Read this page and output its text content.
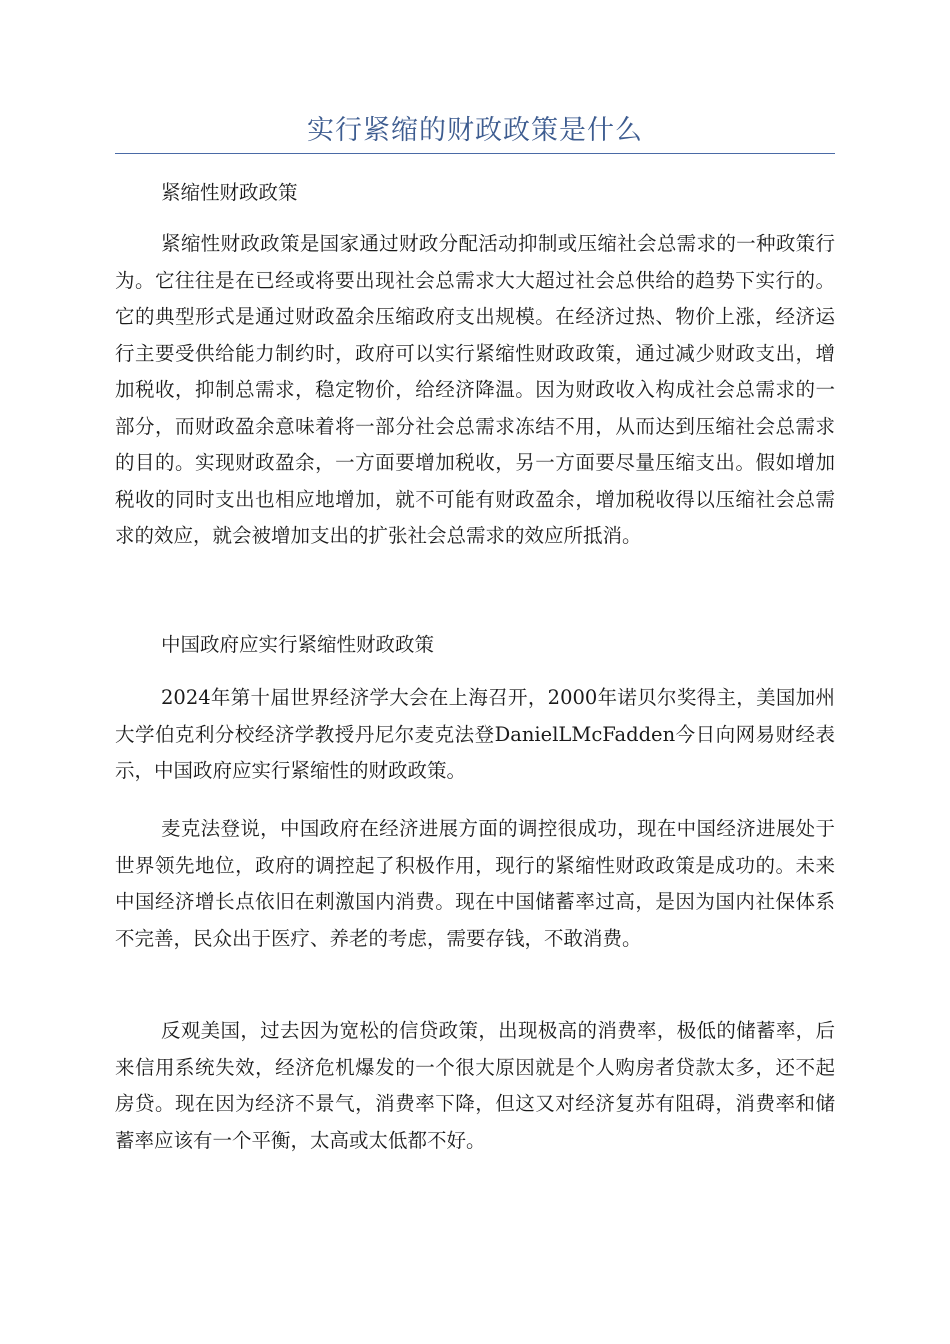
实行紧缩的财政政策是什么
紧缩性财政政策

紧缩性财政政策是国家通过财政分配活动抑制或压缩社会总需求的一种政策行为。它往往是在已经或将要出现社会总需求大大超过社会总供给的趋势下实行的。它的典型形式是通过财政盈余压缩政府支出规模。在经济过热、物价上涨，经济运行主要受供给能力制约时，政府可以实行紧缩性财政政策，通过减少财政支出，增加税收，抑制总需求，稳定物价，给经济降温。因为财政收入构成社会总需求的一部分，而财政盈余意味着将一部分社会总需求冻结不用，从而达到压缩社会总需求的目的。实现财政盈余，一方面要增加税收，另一方面要尽量压缩支出。假如增加税收的同时支出也相应地增加，就不可能有财政盈余，增加税收得以压缩社会总需求的效应，就会被增加支出的扩张社会总需求的效应所抵消。

中国政府应实行紧缩性财政政策

2024年第十届世界经济学大会在上海召开，2000年诺贝尔奖得主，美国加州大学伯克利分校经济学教授丹尼尔麦克法登DanielLMcFadden今日向网易财经表示，中国政府应实行紧缩性的财政政策。

麦克法登说，中国政府在经济进展方面的调控很成功，现在中国经济进展处于世界领先地位，政府的调控起了积极作用，现行的紧缩性财政政策是成功的。未来中国经济增长点依旧在刺激国内消费。现在中国储蓄率过高，是因为国内社保体系不完善，民众出于医疗、养老的考虑，需要存钱，不敢消费。

反观美国，过去因为宽松的信贷政策，出现极高的消费率，极低的储蓄率，后来信用系统失效，经济危机爆发的一个很大原因就是个人购房者贷款太多，还不起房贷。现在因为经济不景气，消费率下降，但这又对经济复苏有阻碍，消费率和储蓄率应该有一个平衡，太高或太低都不好。
